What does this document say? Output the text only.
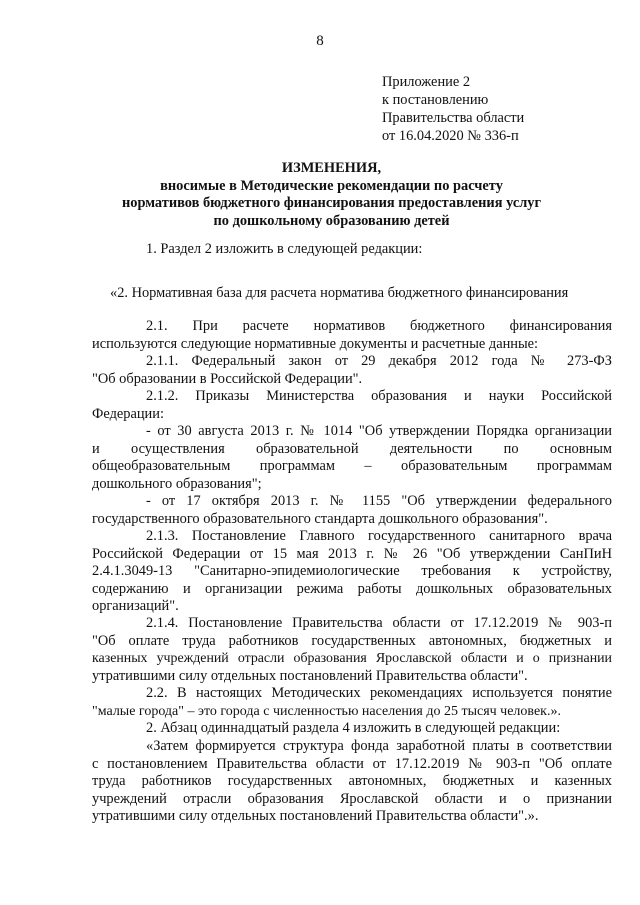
8
Приложение 2
к постановлению
Правительства области
от 16.04.2020 № 336-п
ИЗМЕНЕНИЯ,
вносимые в Методические рекомендации по расчету
нормативов бюджетного финансирования предоставления услуг
по дошкольному образованию детей
1. Раздел 2 изложить в следующей редакции:
«2. Нормативная база для расчета норматива бюджетного финансирования
2.1. При расчете нормативов бюджетного финансирования
используются следующие нормативные документы и расчетные данные:
2.1.1. Федеральный закон от 29 декабря 2012 года № 273-ФЗ
"Об образовании в Российской Федерации".
2.1.2. Приказы Министерства образования и науки Российской
Федерации:
- от 30 августа 2013 г. № 1014 "Об утверждении Порядка организации
и осуществления образовательной деятельности по основным
общеобразовательным программам – образовательным программам
дошкольного образования";
- от 17 октября 2013 г. № 1155 "Об утверждении федерального
государственного образовательного стандарта дошкольного образования".
2.1.3. Постановление Главного государственного санитарного врача
Российской Федерации от 15 мая 2013 г. № 26 "Об утверждении СанПиН
2.4.1.3049-13 "Санитарно-эпидемиологические требования к устройству,
содержанию и организации режима работы дошкольных образовательных
организаций".
2.1.4. Постановление Правительства области от 17.12.2019 № 903-п
"Об оплате труда работников государственных автономных, бюджетных и
казенных учреждений отрасли образования Ярославской области и о признании
утратившими силу отдельных постановлений Правительства области".
2.2. В настоящих Методических рекомендациях используется понятие
"малые города" – это города с численностью населения до 25 тысяч человек.».
2. Абзац одиннадцатый раздела 4 изложить в следующей редакции:
«Затем формируется структура фонда заработной платы в соответствии
с постановлением Правительства области от 17.12.2019 № 903-п "Об оплате
труда работников государственных автономных, бюджетных и казенных
учреждений отрасли образования Ярославской области и о признании
утратившими силу отдельных постановлений Правительства области".».
